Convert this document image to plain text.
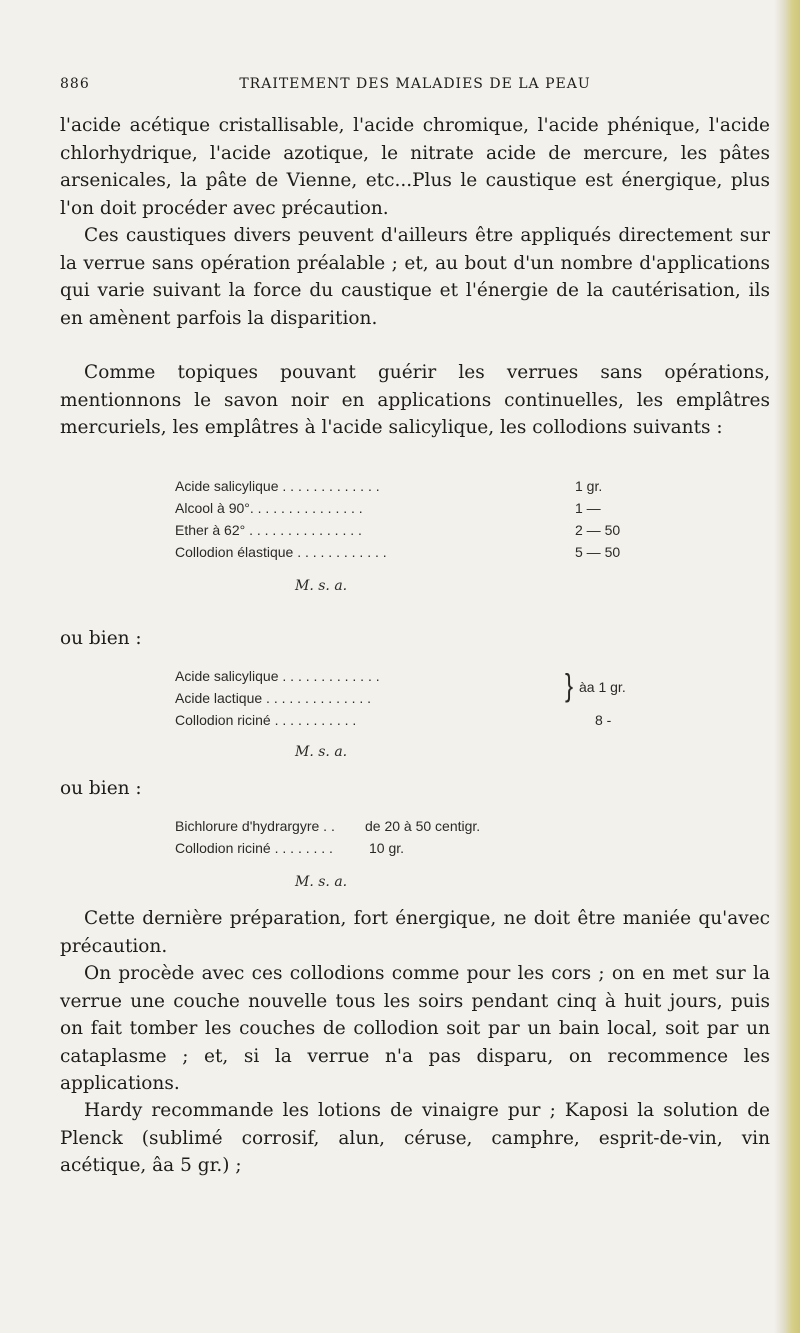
886	TRAITEMENT DES MALADIES DE LA PEAU

l'acide acétique cristallisable, l'acide chromique, l'acide phénique, l'acide chlorhydrique, l'acide azotique, le nitrate acide de mercure, les pâtes arsenicales, la pâte de Vienne, etc...Plus le caustique est énergique, plus l'on doit procéder avec précaution.

Ces caustiques divers peuvent d'ailleurs être appliqués directement sur la verrue sans opération préalable ; et, au bout d'un nombre d'applications qui varie suivant la force du caustique et l'énergie de la cautérisation, ils en amènent parfois la disparition.

Comme topiques pouvant guérir les verrues sans opérations, mentionnons le savon noir en applications continuelles, les emplâtres mercuriels, les emplâtres à l'acide salicylique, les collodions suivants :

Acide salicylique . . . . . . . . . . . . .	1 gr.
Alcool à 90°. . . . . . . . . . . . . . .	1 —
Ether à 62° . . . . . . . . . . . . . . .	2 — 50
Collodion élastique . . . . . . . . . . . .	5 — 50
M. s. a.
ou bien :
Acide salicylique . . . . . . . . . . . . .
Acide lactique . . . . . . . . . . . . . .	} àa 1 gr.
Collodion riciné . . . . . . . . . . .	8 -
M. s. a.
ou bien :
Bichlorure d'hydrargyre . . de 20 à 50 centigr.
Collodion riciné . . . . . . . .	10 gr.
M. s. a.

Cette dernière préparation, fort énergique, ne doit être maniée qu'avec précaution.

On procède avec ces collodions comme pour les cors ; on en met sur la verrue une couche nouvelle tous les soirs pendant cinq à huit jours, puis on fait tomber les couches de collodion soit par un bain local, soit par un cataplasme ; et, si la verrue n'a pas disparu, on recommence les applications.

Hardy recommande les lotions de vinaigre pur ; Kaposi la solution de Plenck (sublimé corrosif, alun, céruse, camphre, esprit-de-vin, vin acétique, âa 5 gr.) ;
